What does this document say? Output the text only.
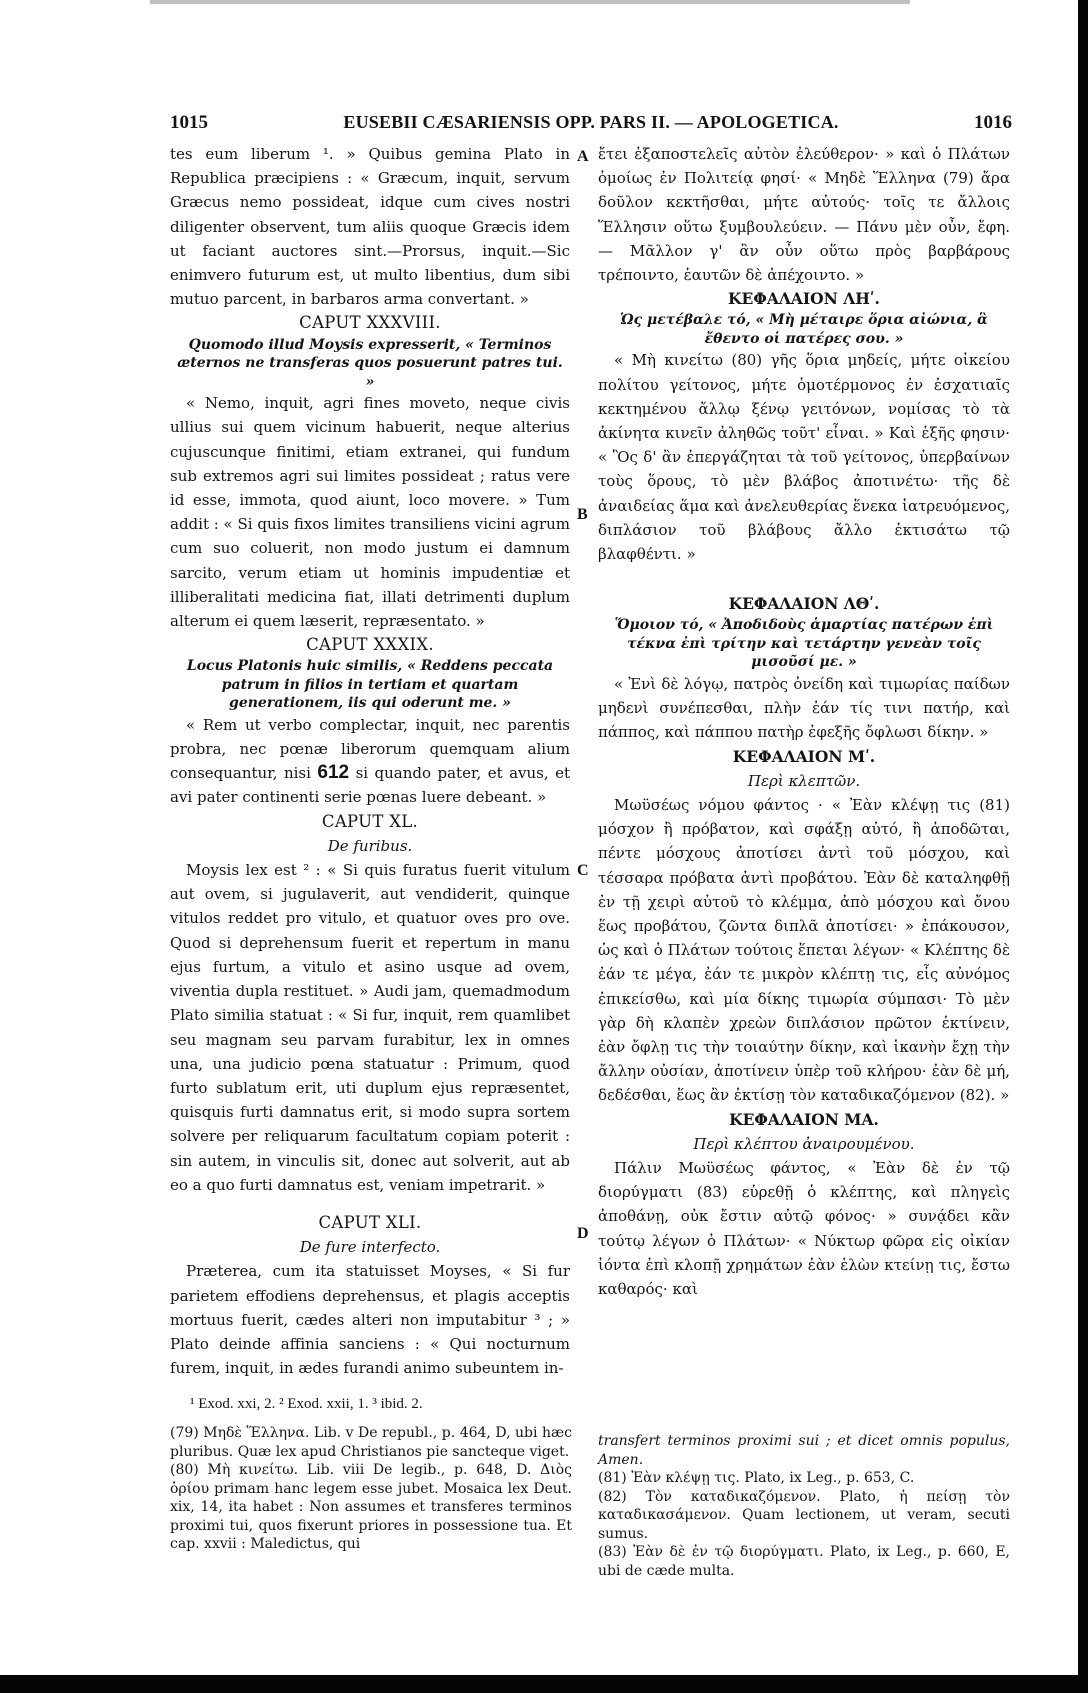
1015	EUSEBII CÆSARIENSIS OPP. PARS II. — APOLOGETICA.	1016
A
B
C
D

tes eum liberum ¹. » Quibus gemina Plato in Republica præcipiens : « Græcum, inquit, servum Græcus nemo possideat, idque cum cives nostri diligenter observent, tum aliis quoque Græcis idem ut faciant auctores sint.—Prorsus, inquit.—Sic enimvero futurum est, ut multo libentius, dum sibi mutuo parcent, in barbaros arma convertant. »

CAPUT XXXVIII.

Quomodo illud Moysis expresserit, « Terminos æternos ne transferas quos posuerunt patres tui. »

« Nemo, inquit, agri fines moveto, neque civis ullius sui quem vicinum habuerit, neque alterius cujuscunque finitimi, etiam extranei, qui fundum sub extremos agri sui limites possideat ; ratus vere id esse, immota, quod aiunt, loco movere. » Tum addit : « Si quis fixos limites transiliens vicini agrum cum suo coluerit, non modo justum ei damnum sarcito, verum etiam ut hominis impudentiæ et illiberalitati medicina fiat, illati detrimenti duplum alterum ei quem læserit, repræsentato. »

CAPUT XXXIX.

Locus Platonis huic similis, « Reddens peccata patrum in filios in tertiam et quartam generationem, iis qui oderunt me. »

« Rem ut verbo complectar, inquit, nec parentis probra, nec pœnæ liberorum quemquam alium consequantur, nisi 612 si quando pater, et avus, et avi pater continenti serie pœnas luere debeant. »

CAPUT XL.

De furibus.

Moysis lex est ² : « Si quis furatus fuerit vitulum aut ovem, si jugulaverit, aut vendiderit, quinque vitulos reddet pro vitulo, et quatuor oves pro ove. Quod si deprehensum fuerit et repertum in manu ejus furtum, a vitulo et asino usque ad ovem, viventia dupla restituet. » Audi jam, quemadmodum Plato similia statuat : « Si fur, inquit, rem quamlibet seu magnam seu parvam furabitur, lex in omnes una, una judicio pœna statuatur : Primum, quod furto sublatum erit, uti duplum ejus repræsentet, quisquis furti damnatus erit, si modo supra sortem solvere per reliquarum facultatum copiam poterit : sin autem, in vinculis sit, donec aut solverit, aut ab eo a quo furti damnatus est, veniam impetrarit. »

CAPUT XLI.

De fure interfecto.

Præterea, cum ita statuisset Moyses, « Si fur parietem effodiens deprehensus, et plagis acceptis mortuus fuerit, cædes alteri non imputabitur ³ ; » Plato deinde affinia sanciens : « Qui nocturnum furem, inquit, in ædes furandi animo subeuntem in-

ἔτει ἐξαποστελεῖς αὐτὸν ἐλεύθερον· » καὶ ὁ Πλάτων ὁμοίως ἐν Πολιτείᾳ φησί· « Μηδὲ Ἕλληνα (79) ἄρα δοῦλον κεκτῆσθαι, μήτε αὐτούς· τοῖς τε ἄλλοις Ἕλλησιν οὕτω ξυμβουλεύειν. — Πάνυ μὲν οὖν, ἔφη. — Μᾶλλον γ' ἂν οὖν οὕτω πρὸς βαρβάρους τρέποιντο, ἑαυτῶν δὲ ἀπέχοιντο. »

ΚΕΦΑΛΑΙΟΝ ΛΗʹ.

Ὡς μετέβαλε τό, « Μὴ μέταιρε ὅρια αἰώνια, ἃ ἔθεντο οἱ πατέρες σου. »

« Μὴ κινείτω (80) γῆς ὅρια μηδείς, μήτε οἰκείου πολίτου γείτονος, μήτε ὁμοτέρμονος ἐν ἐσχατιαῖς κεκτημένου ἄλλῳ ξένῳ γειτόνων, νομίσας τὸ τὰ ἀκίνητα κινεῖν ἀληθῶς τοῦτ' εἶναι. » Καὶ ἑξῆς φησιν· « Ὃς δ' ἂν ἐπεργάζηται τὰ τοῦ γείτονος, ὑπερβαίνων τοὺς ὅρους, τὸ μὲν βλάβος ἀποτινέτω· τῆς δὲ ἀναιδείας ἅμα καὶ ἀνελευθερίας ἕνεκα ἰατρευόμενος, διπλάσιον τοῦ βλάβους ἄλλο ἐκτισάτω τῷ βλαφθέντι. »

ΚΕΦΑΛΑΙΟΝ ΛΘʹ.

Ὅμοιον τό, « Ἀποδιδοὺς ἁμαρτίας πατέρων ἐπὶ τέκνα ἐπὶ τρίτην καὶ τετάρτην γενεὰν τοῖς μισοῦσί με. »

« Ἑνὶ δὲ λόγῳ, πατρὸς ὀνείδη καὶ τιμωρίας παίδων μηδενὶ συνέπεσθαι, πλὴν ἐάν τίς τινι πατήρ, καὶ πάππος, καὶ πάππου πατὴρ ἐφεξῆς ὄφλωσι δίκην. »

ΚΕΦΑΛΑΙΟΝ Μʹ.

Περὶ κλεπτῶν.

Μωϋσέως νόμου φάντος · « Ἐὰν κλέψῃ τις (81) μόσχον ἢ πρόβατον, καὶ σφάξῃ αὐτό, ἢ ἀποδῶται, πέντε μόσχους ἀποτίσει ἀντὶ τοῦ μόσχου, καὶ τέσσαρα πρόβατα ἀντὶ προβάτου. Ἐὰν δὲ καταληφθῇ ἐν τῇ χειρὶ αὐτοῦ τὸ κλέμμα, ἀπὸ μόσχου καὶ ὄνου ἕως προβάτου, ζῶντα διπλᾶ ἀποτίσει· » ἐπάκουσον, ὡς καὶ ὁ Πλάτων τούτοις ἕπεται λέγων· « Κλέπτης δὲ ἐάν τε μέγα, ἐάν τε μικρὸν κλέπτῃ τις, εἷς αὐνόμος ἐπικείσθω, καὶ μία δίκης τιμωρία σύμπασι· Τὸ μὲν γὰρ δὴ κλαπὲν χρεὼν διπλάσιον πρῶτον ἐκτίνειν, ἐὰν ὄφλῃ τις τὴν τοιαύτην δίκην, καὶ ἱκανὴν ἔχῃ τὴν ἄλλην οὐσίαν, ἀποτίνειν ὑπὲρ τοῦ κλήρου· ἐὰν δὲ μή, δεδέσθαι, ἕως ἂν ἐκτίσῃ τὸν καταδικαζόμενον (82). »

ΚΕΦΑΛΑΙΟΝ ΜΑ.

Περὶ κλέπτου ἀναιρουμένου.

Πάλιν Μωϋσέως φάντος, « Ἐὰν δὲ ἐν τῷ διορύγματι (83) εὑρεθῇ ὁ κλέπτης, καὶ πληγεὶς ἀποθάνῃ, οὐκ ἔστιν αὐτῷ φόνος· » συνᾴδει κἂν τούτῳ λέγων ὁ Πλάτων· « Νύκτωρ φῶρα εἰς οἰκίαν ἰόντα ἐπὶ κλοπῇ χρημάτων ἐὰν ἑλὼν κτείνῃ τις, ἔστω καθαρός· καὶ

¹ Exod. xxi, 2. ² Exod. xxii, 1. ³ ibid. 2.

(79) Μηδὲ Ἕλληνα. Lib. v De republ., p. 464, D, ubi hæc pluribus. Quæ lex apud Christianos pie sancteque viget.

(80) Μὴ κινείτω. Lib. viii De legib., p. 648, D. Διὸς ὁρίου primam hanc legem esse jubet. Mosaica lex Deut. xix, 14, ita habet : Non assumes et transferes terminos proximi tui, quos fixerunt priores in possessione tua. Et cap. xxvii : Maledictus, qui

transfert terminos proximi sui ; et dicet omnis populus, Amen.

(81) Ἐὰν κλέψῃ τις. Plato, ix Leg., p. 653, C.

(82) Τὸν καταδικαζόμενον. Plato, ἡ πείσῃ τὸν καταδικασάμενον. Quam lectionem, ut veram, secuti sumus.

(83) Ἐὰν δὲ ἐν τῷ διορύγματι. Plato, ix Leg., p. 660, E, ubi de cæde multa.
